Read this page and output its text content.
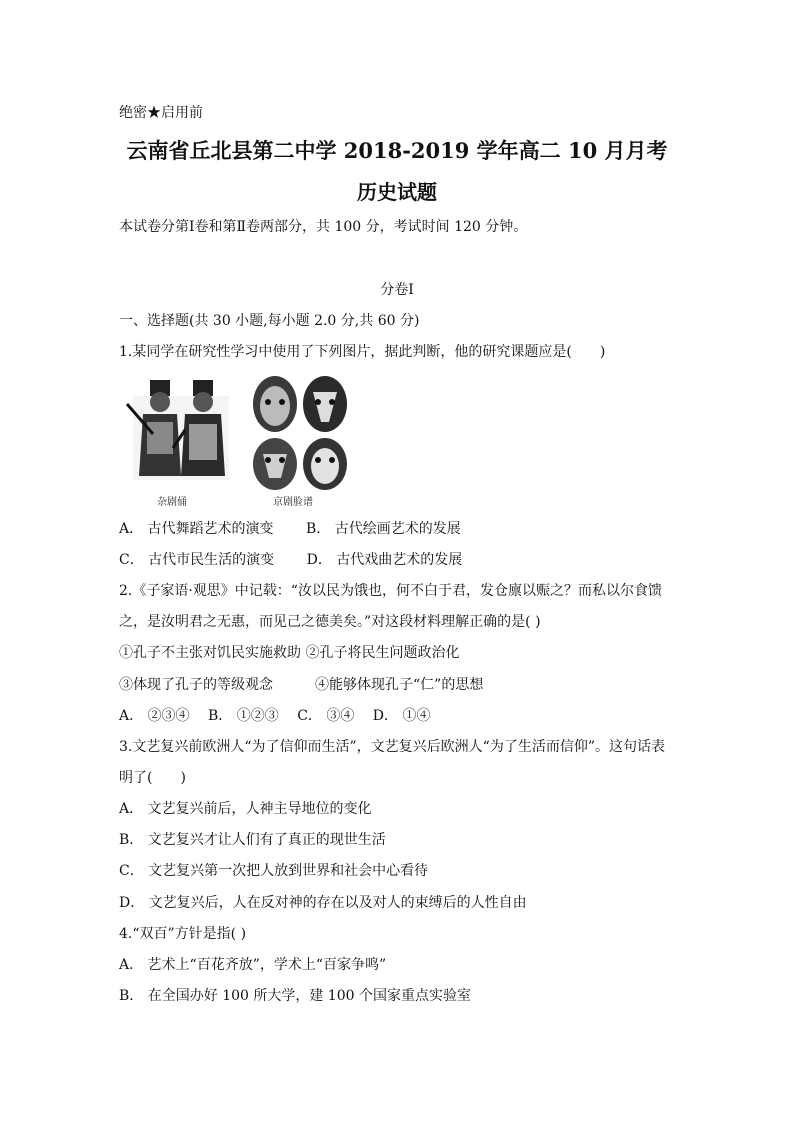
绝密★启用前
云南省丘北县第二中学 2018-2019 学年高二 10 月月考
历史试题
本试卷分第Ⅰ卷和第Ⅱ卷两部分，共 100 分，考试时间 120 分钟。
分卷I
一、选择题(共 30 小题,每小题 2.0 分,共 60 分)
1.某同学在研究性学习中使用了下列图片，据此判断，他的研究课题应是(　　)
杂剧俑	京剧脸谱
A． 古代舞蹈艺术的演变　　 B． 古代绘画艺术的发展
C． 古代市民生活的演变　　 D． 古代戏曲艺术的发展
2.《子家语·观思》中记载：“汝以民为饿也，何不白于君，发仓廪以赈之？而私以尔食馈
之，是汝明君之无惠，而见己之德美矣。”对这段材料理解正确的是( )
①孔子不主张对饥民实施救助 ②孔子将民生问题政治化
③体现了孔子的等级观念　　　④能够体现孔子“仁”的思想
A． ②③④　 B． ①②③　 C． ③④　 D． ①④
3.文艺复兴前欧洲人“为了信仰而生活”，文艺复兴后欧洲人“为了生活而信仰”。这句话表
明了(　　)
A． 文艺复兴前后，人神主导地位的变化
B． 文艺复兴才让人们有了真正的现世生活
C． 文艺复兴第一次把人放到世界和社会中心看待
D． 文艺复兴后，人在反对神的存在以及对人的束缚后的人性自由
4.“双百”方针是指( )
A． 艺术上“百花齐放”，学术上“百家争鸣”
B． 在全国办好 100 所大学，建 100 个国家重点实验室
